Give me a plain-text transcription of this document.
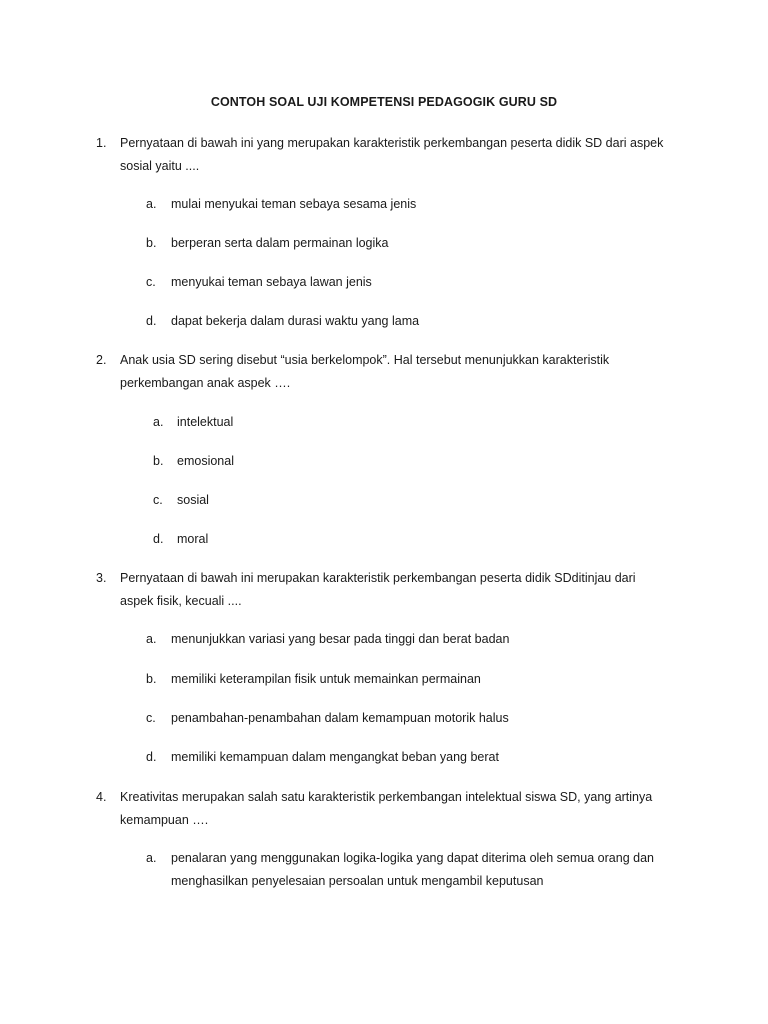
CONTOH SOAL UJI KOMPETENSI PEDAGOGIK GURU SD
1. Pernyataan di bawah ini yang merupakan karakteristik perkembangan peserta didik SD dari aspek
sosial yaitu ....
a. mulai menyukai teman sebaya sesama jenis
b. berperan serta dalam permainan logika
c. menyukai teman sebaya lawan jenis
d. dapat bekerja dalam durasi waktu yang lama
2. Anak usia SD sering disebut “usia berkelompok”. Hal tersebut menunjukkan karakteristik
perkembangan anak aspek ….
a. intelektual
b. emosional
c. sosial
d. moral
3. Pernyataan di bawah ini merupakan karakteristik perkembangan peserta didik SDditinjau dari
aspek fisik, kecuali ....
a. menunjukkan variasi yang besar pada tinggi dan berat badan
b. memiliki keterampilan fisik untuk memainkan permainan
c. penambahan-penambahan dalam kemampuan motorik halus
d. memiliki kemampuan dalam mengangkat beban yang berat
4. Kreativitas merupakan salah satu karakteristik perkembangan intelektual siswa SD, yang artinya
kemampuan ….
a. penalaran yang menggunakan logika-logika yang dapat diterima oleh semua orang dan
menghasilkan penyelesaian persoalan untuk mengambil keputusan
